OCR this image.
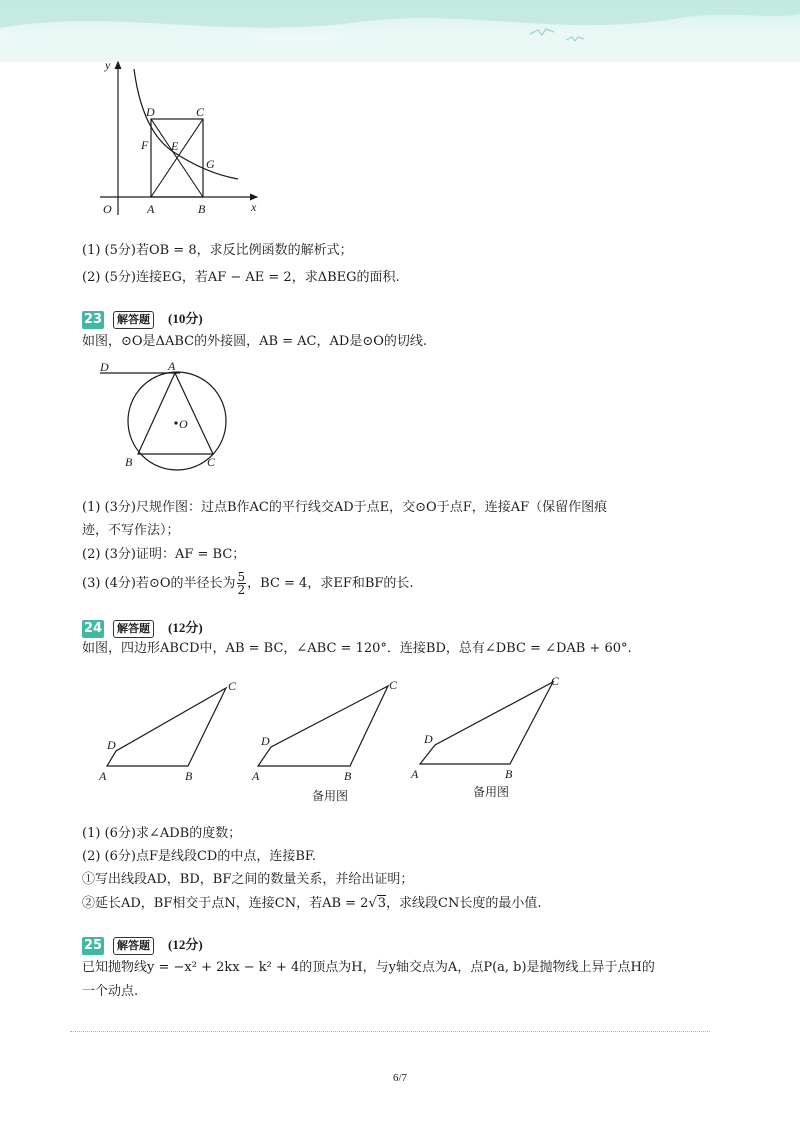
y
x
O	A	B
C
D
E
F
G
(1) (5分)若OB = 8，求反比例函数的解析式；
(2) (5分)连接EG，若AF − AE = 2，求ΔBEG的面积.
23	解答题	(10分)
如图，⊙O是ΔABC的外接圆，AB = AC，AD是⊙O的切线.
D	A
O
B	C
(1) (3分)尺规作图：过点B作AC的平行线交AD于点E，交⊙O于点F，连接AF（保留作图痕
迹，不写作法）；
(2) (3分)证明：AF = BC；
(3) (4分)若⊙O的半径长为 $\frac{5}{2}$ ，BC = 4，求EF和BF的长.
24	解答题	(12分)
如图，四边形ABCD中，AB = BC，∠ABC = 120°．连接BD，总有∠DBC = ∠DAB + 60°.
A	B
C
D
A	B
C
D
备用图
A	B
C
D
备用图
(1) (6分)求∠ADB的度数；
(2) (6分)点F是线段CD的中点，连接BF.
①写出线段AD，BD，BF之间的数量关系，并给出证明；
②延长AD，BF相交于点N，连接CN，若AB = 2√3，求线段CN长度的最小值.
25	解答题	(12分)
已知抛物线y = −x² + 2kx − k² + 4的顶点为H，与y轴交点为A，点P(a, b)是抛物线上异于点H的
一个动点.
6/7
